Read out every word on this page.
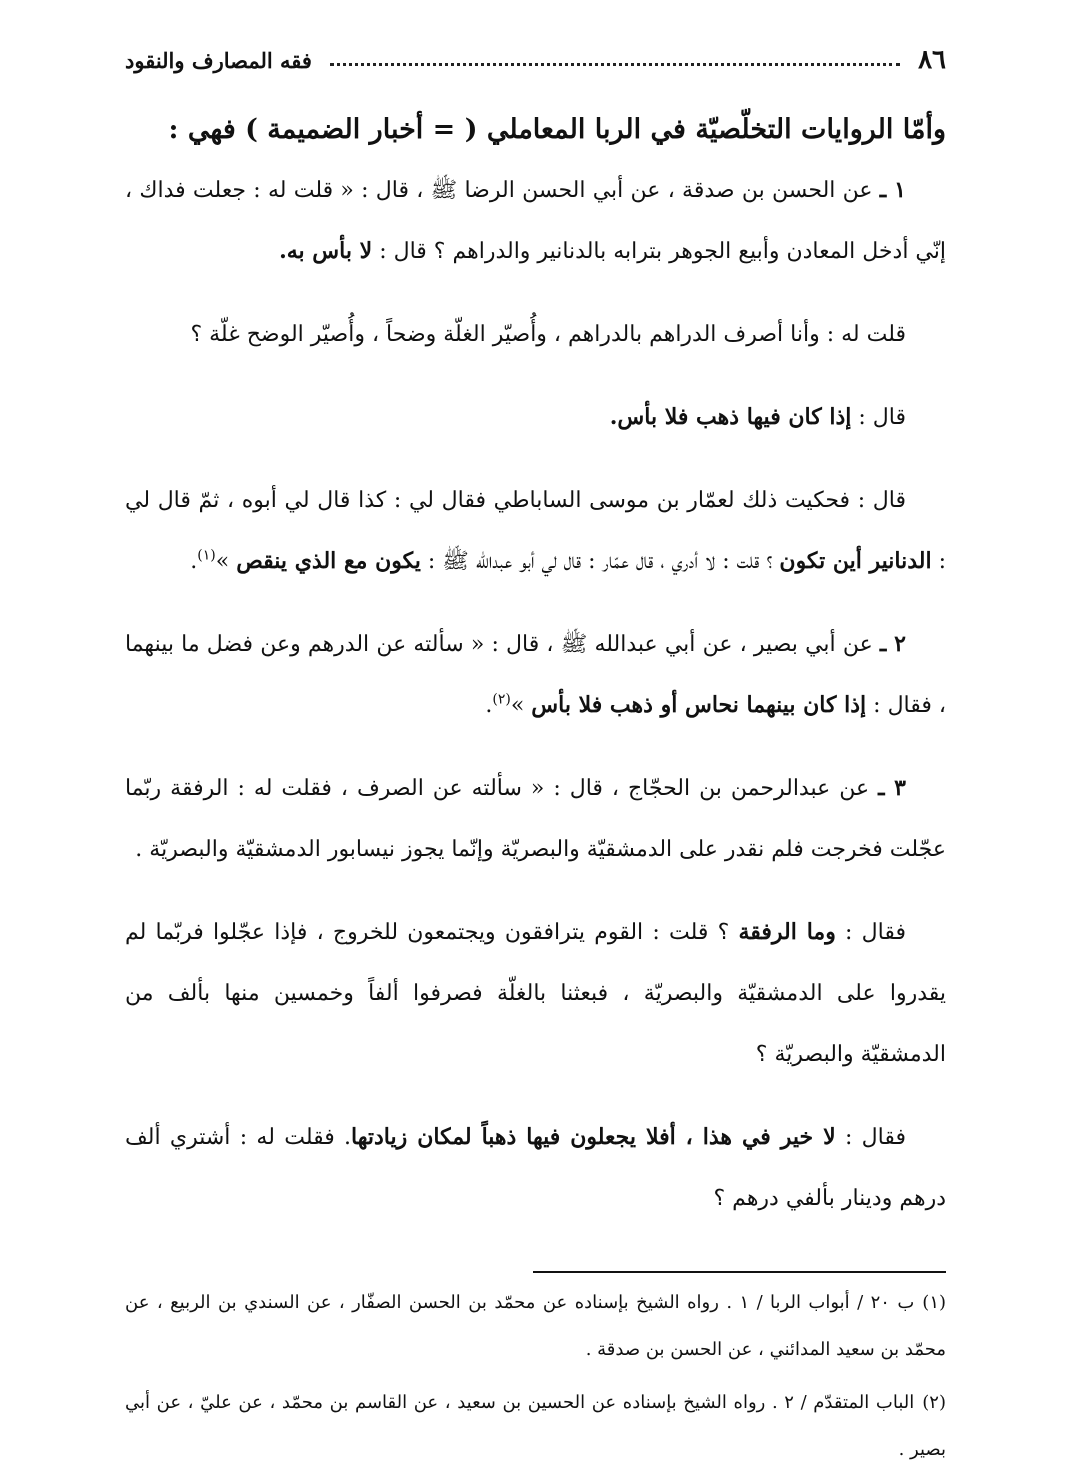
٨٦
فقه المصارف والنقود
وأمّا الروايات التخلّصيّة في الربا المعاملي ( = أخبار الضميمة ) فهي :

١ ـ عن الحسن بن صدقة ، عن أبي الحسن الرضا ﷺ ، قال : « قلت له : جعلت فداك ، إنّي أدخل المعادن وأبيع الجوهر بترابه بالدنانير والدراهم ؟ قال : لا بأس به.

قلت له : وأنا أصرف الدراهم بالدراهم ، وأُصيّر الغلّة وضحاً ، وأُصيّر الوضح غلّة ؟

قال : إذا كان فيها ذهب فلا بأس.

قال : فحكيت ذلك لعمّار بن موسى الساباطي فقال لي : كذا قال لي أبوه ، ثمّ قال لي : الدنانير أين تكون ؟ قلت : لا أدري ، قال عمّار : قال لي أبو عبدالله ﷺ : يكون مع الذي ينقص »$^{(١)}$.

٢ ـ عن أبي بصير ، عن أبي عبدالله ﷺ ، قال : « سألته عن الدرهم وعن فضل ما بينهما ، فقال : إذا كان بينهما نحاس أو ذهب فلا بأس »$^{(٢)}$.

٣ ـ عن عبدالرحمن بن الحجّاج ، قال : « سألته عن الصرف ، فقلت له : الرفقة ربّما عجّلت فخرجت فلم نقدر على الدمشقيّة والبصريّة وإنّما يجوز نيسابور الدمشقيّة والبصريّة .

فقال : وما الرفقة ؟ قلت : القوم يترافقون ويجتمعون للخروج ، فإذا عجّلوا فربّما لم يقدروا على الدمشقيّة والبصريّة ، فبعثنا بالغلّة فصرفوا ألفاً وخمسين منها بألف من الدمشقيّة والبصريّة ؟

فقال : لا خير في هذا ، أفلا يجعلون فيها ذهباً لمكان زيادتها. فقلت له : أشتري ألف درهم ودينار بألفي درهم ؟

(١)ب ٢٠ / أبواب الربا / ١ . رواه الشيخ بإسناده عن محمّد بن الحسن الصفّار ، عن السندي بن الربيع ، عن محمّد بن سعيد المدائني ، عن الحسن بن صدقة .
(٢)الباب المتقدّم / ٢ . رواه الشيخ بإسناده عن الحسين بن سعيد ، عن القاسم بن محمّد ، عن عليّ ، عن أبي بصير .
